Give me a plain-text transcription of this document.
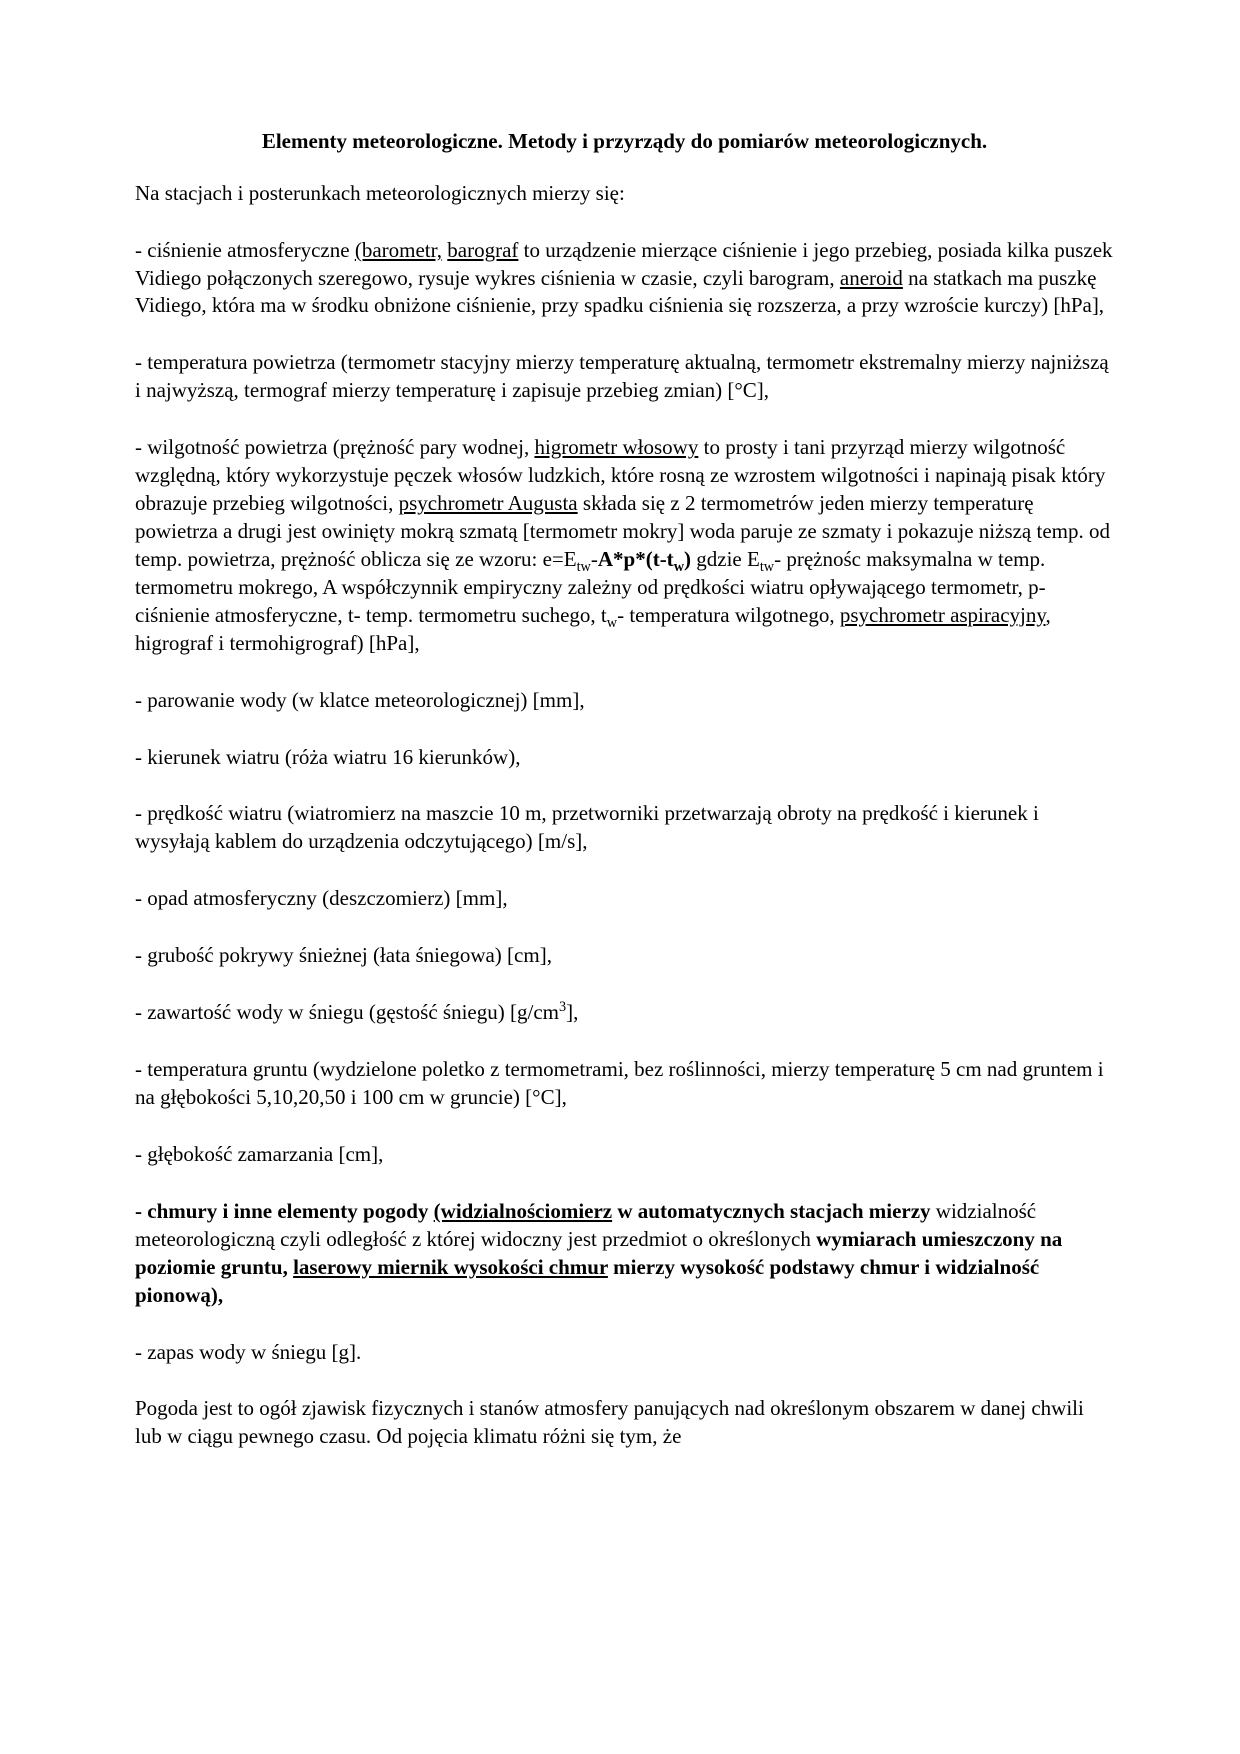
Elementy meteorologiczne. Metody i przyrządy do pomiarów meteorologicznych.

Na stacjach i posterunkach meteorologicznych mierzy się:

- ciśnienie atmosferyczne (barometr, barograf to urządzenie mierzące ciśnienie i jego przebieg, posiada kilka puszek Vidiego połączonych szeregowo, rysuje wykres ciśnienia w czasie, czyli barogram, aneroid na statkach ma puszkę Vidiego, która ma w środku obniżone ciśnienie, przy spadku ciśnienia się rozszerza, a przy wzroście kurczy) [hPa],

- temperatura powietrza (termometr stacyjny mierzy temperaturę aktualną, termometr ekstremalny mierzy najniższą i najwyższą, termograf mierzy temperaturę i zapisuje przebieg zmian) [°C],

- wilgotność powietrza (prężność pary wodnej, higrometr włosowy to prosty i tani przyrząd mierzy wilgotność względną, który wykorzystuje pęczek włosów ludzkich, które rosną ze wzrostem wilgotności i napinają pisak który obrazuje przebieg wilgotności, psychrometr Augusta składa się z 2 termometrów jeden mierzy temperaturę powietrza a drugi jest owinięty mokrą szmatą [termometr mokry] woda paruje ze szmaty i pokazuje niższą temp. od temp. powietrza, prężność oblicza się ze wzoru: $e=E_{tw}-A*p*(t-t_w)$ gdzie $E_{tw}-$ prężnośc maksymalna w temp. termometru mokrego, A współczynnik empiryczny zależny od prędkości wiatru opływającego termometr, p- ciśnienie atmosferyczne, t- temp. termometru suchego, $t_w-$ temperatura wilgotnego, psychrometr aspiracyjny, higrograf i termohigrograf) [hPa],

- parowanie wody (w klatce meteorologicznej) [mm],

- kierunek wiatru (róża wiatru 16 kierunków),

- prędkość wiatru (wiatromierz na maszcie 10 m, przetworniki przetwarzają obroty na prędkość i kierunek i wysyłają kablem do urządzenia odczytującego) [m/s],

- opad atmosferyczny (deszczomierz) [mm],

- grubość pokrywy śnieżnej (łata śniegowa) [cm],

- zawartość wody w śniegu (gęstość śniegu) $[g/cm^3]$,

- temperatura gruntu (wydzielone poletko z termometrami, bez roślinności, mierzy temperaturę 5 cm nad gruntem i na głębokości 5,10,20,50 i 100 cm w gruncie) [°C],

- głębokość zamarzania [cm],

- chmury i inne elementy pogody (widzialnościomierz w automatycznych stacjach mierzy widzialność meteorologiczną czyli odległość z której widoczny jest przedmiot o określonych wymiarach umieszczony na poziomie gruntu, laserowy miernik wysokości chmur mierzy wysokość podstawy chmur i widzialność pionową),

- zapas wody w śniegu [g].

Pogoda jest to ogół zjawisk fizycznych i stanów atmosfery panujących nad określonym obszarem w danej chwili lub w ciągu pewnego czasu. Od pojęcia klimatu różni się tym, że
